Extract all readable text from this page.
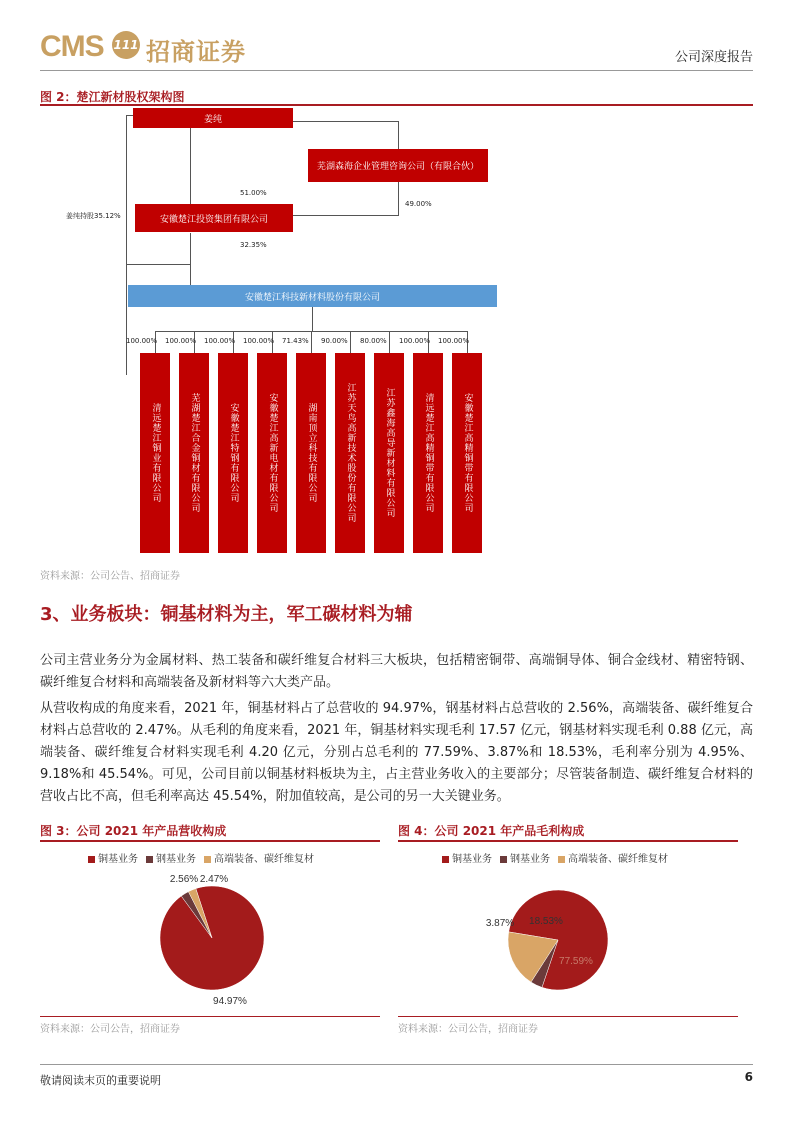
CMS 111 招商证券	公司深度报告
图 2：楚江新材股权架构图
姜纯
芜湖森海企业管理咨询公司（有限合伙）
安徽楚江投资集团有限公司
安徽楚江科技新材料股份有限公司
姜纯持股35.12%
51.00%
49.00%
32.35%
100.00%
清远楚江铜业有限公司
100.00%
芜湖楚江合金铜材有限公司
100.00%
安徽楚江特钢有限公司
100.00%
安徽楚江高新电材有限公司
71.43%
湖南顶立科技有限公司
90.00%
江苏天鸟高新技术股份有限公司
80.00%
江苏鑫海高导新材料有限公司
100.00%
清远楚江高精铜带有限公司
100.00%
安徽楚江高精铜带有限公司
资料来源：公司公告、招商证券
3、业务板块：铜基材料为主，军工碳材料为辅
公司主营业务分为金属材料、热工装备和碳纤维复合材料三大板块，包括精密铜带、高端铜导体、铜合金线材、精密特钢、碳纤维复合材料和高端装备及新材料等六大类产品。
从营收构成的角度来看，2021 年，铜基材料占了总营收的 94.97%，钢基材料占总营收的 2.56%，高端装备、碳纤维复合材料占总营收的 2.47%。从毛利的角度来看，2021 年，铜基材料实现毛利 17.57 亿元，钢基材料实现毛利 0.88 亿元，高端装备、碳纤维复合材料实现毛利 4.20 亿元，分别占总毛利的 77.59%、3.87%和 18.53%，毛利率分别为 4.95%、9.18%和 45.54%。可见，公司目前以铜基材料板块为主，占主营业务收入的主要部分；尽管装备制造、碳纤维复合材料的营收占比不高，但毛利率高达 45.54%，附加值较高，是公司的另一大关键业务。
图 3：公司 2021 年产品营收构成
铜基业务	钢基业务	高端装备、碳纤维复材
94.97%
2.56% 2.47%
资料来源：公司公告，招商证券
图 4：公司 2021 年产品毛利构成
铜基业务	钢基业务	高端装备、碳纤维复材
77.59%
3.87% 18.53%
资料来源：公司公告，招商证券
敬请阅读末页的重要说明	6
